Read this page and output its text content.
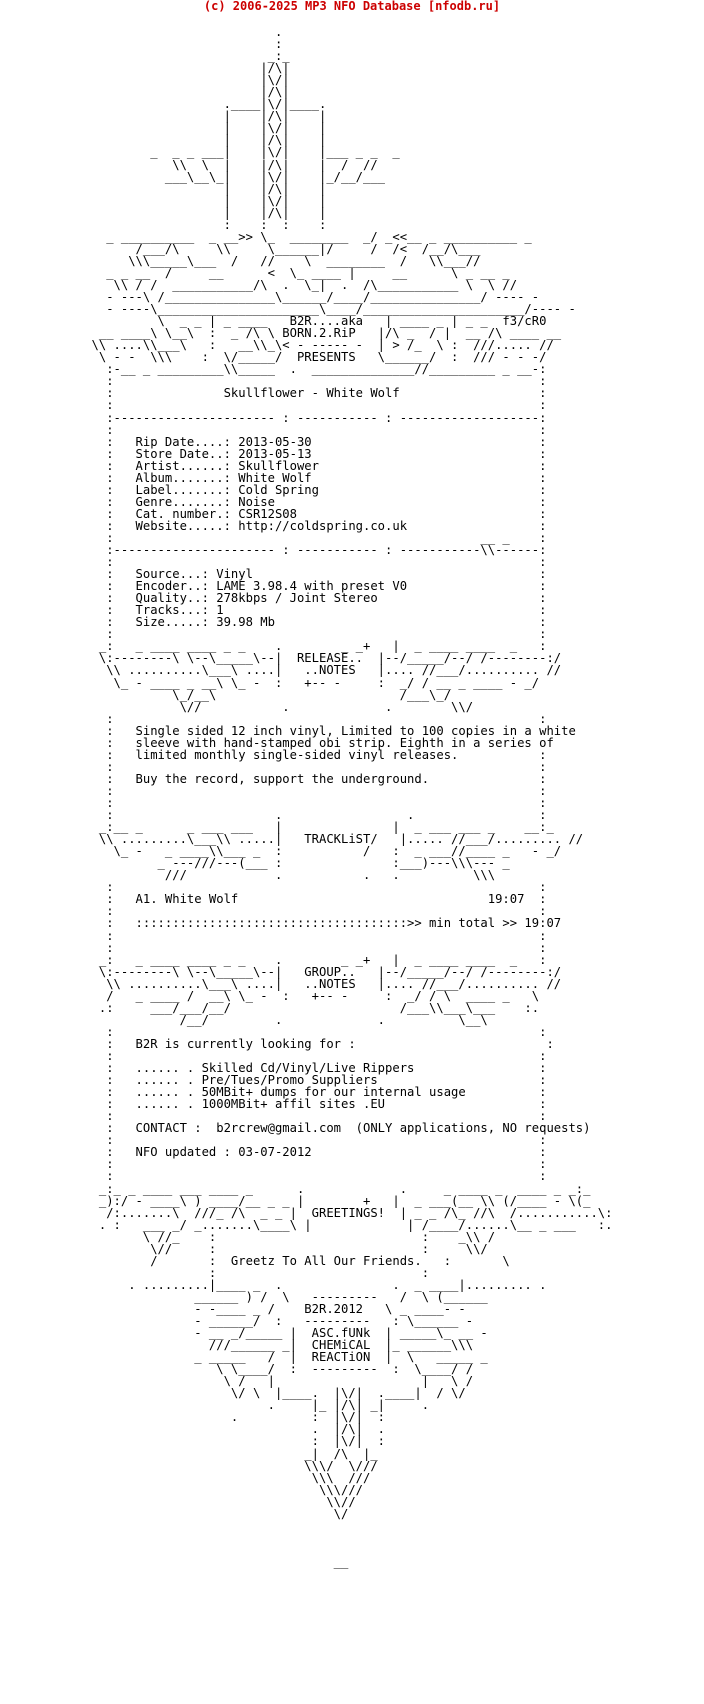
(c) 2006-2025 MP3 NFO Database [nfodb.ru]
.
:
_:_
|/\|
|\/|
|/\|
.____|\/|____.
|    |/\|    |
|    |\/|    |
|    |/\|    |
_  _ _ ___|    |\/|    |___ _ _  _
\\  \  |    |/\|    |  /  //
___\__\_|    |\/|    |_/__/___
|    |/\|    |
|    |\/|    |
|    |/\|    |
:    :  :    :
_ __________  _ __>> \_  ________  _/ _<<__ _ __________ _
/___/\     \\     \______|/     /  /<  /__/\___
\\\_____\___  /   //    \  ________  /   \\___//
_ _ __  /     __      <  \_ ____ |     __      \ _ __ _
\\ / /  ___________/\  .  \_|  .  /\___________ \  \ //
- ---\ /_______________\______/____/_______________/ ---- -
- ----\______________________\____/______________________/---- -
\  _ _ | _ ____   B2R....aka   | ____ _ | _ _  f3/cR0
__ ____\ \__\  :  _ /\ \ BORN.2.RiP   |/\ _  / |  __ /\ ____ __
\\ ....\\___\   :   __\\_\< - ----- -  | > /_  \ :  ///..... //
\ - -  \\\    :  \/_____/  PRESENTS   \______/  :  /// - - -/
:-__ _ _________\\_____  .  ______________//_________ _ __-:
:                                                          :
:               Skullflower - White Wolf                   :
:                                                          :
:---------------------- : ----------- : -------------------:
:                                                          :
:   Rip Date....: 2013-05-30                               :
:   Store Date..: 2013-05-13                               :
:   Artist......: Skullflower                              :
:   Album.......: White Wolf                               :
:   Label.......: Cold Spring                              :
:   Genre.......: Noise                                    :
:   Cat. number.: CSR12S08                                 :
:   Website.....: http://coldspring.co.uk                  :
:                                                  __ _    :
:---------------------- : ----------- : -----------\\------:
:                                                          :
:   Source...: Vinyl                                       :
:   Encoder..: LAME 3.98.4 with preset V0                  :
:   Quality..: 278kbps / Joint Stereo                      :
:   Tracks...: 1                                           :
:   Size.....: 39.98 Mb                                    :
:                                                          :
_:   _ ____ ____ _ _    .        _ _+   |  _ ____ ____  _   :
\:--------\ \--\_____\--|  RELEASE..  |--/_____/--/ /--------:/
\\ ..........\___\ ....|   ..NOTES   |.... //___/.......... //
\_ - ____ _ __\ \_ -  :   +-- -     :  _/ / __ _ ____ - _/
\_/__\                         /___\_/
\//           .             .        \\/
:                                                          :
:   Single sided 12 inch vinyl, Limited to 100 copies in a white
:   sleeve with hand-stamped obi strip. Eighth in a series of
:   limited monthly single-sided vinyl releases.           :
:                                                          :
:   Buy the record, support the underground.               :
:                                                          :
:                                                          :
:                      .                 .                 :
_:__ _      _ ___ ___   |               |  _ ___ ___ _    __:_
\\ .........\___\\ .....|   TRACKLiST/   |..... //___/......... //
\_ -   _ ____\\___ _  :           /   :  _ ___//____ _   - _/
_ ---///---(___ :               :___)---\\\--- _
///            .           .   .          \\\
:                                                          :
:   A1. White Wolf                                  19:07  :
:                                                          :
:   :::::::::::::::::::::::::::::::::::::>> min total >> 19:07
:                                                          :
:                                                          :
_:   _ ____ ____ _ _    .        _ _+   |  _ ____ ____  _   :
\:--------\ \--\_____\--|   GROUP..   |--/_____/--/ /--------:/
\\ ..........\___\ ....|   ..NOTES   |.... //___/.......... //
/   _ ____ /  __\ \_ -  :   +-- -     :  _/ / \  ____ _   \
.:     ___/___/__/                       /___\\___\___    :.
/__/         .             .          \__\
:                                                          :
:   B2R is currently looking for :                          :
:                                                          :
:   ...... . Skilled Cd/Vinyl/Live Rippers                 :
:   ...... . Pre/Tues/Promo Suppliers                      :
:   ...... . 50MBit+ dumps for our internal usage          :
:   ...... . 1000MBit+ affil sites .EU                     :
:                                                          :
:   CONTACT :  b2rcrew@gmail.com  (ONLY applications, NO requests)
:                                                          :
:   NFO updated : 03-07-2012                               :
:                                                          :
:                                                          :
_:_ _ ____ ___ ____ _      .             .     _ ____ _  ____ _ _:_
_):/ - ____\ ) ____/__ _ _ |        +   |  _ ___(__ \\ (/____ - \(_
/:.......\  ///_ /\  _ _ |  GREETINGS!  | _ _ /\_ //\  /...........\:
. :   ___ _/ _.......\____\ |             | /____/......\__ _ ___   :.
\ //_    :                            :    _\\ /
\//     :                            :     \\/
/       :  Greetz To All Our Friends.   :       \
:                            :
. .........|____ _  .               .  _ ____|......... .
______ ) /  \   ---------   /  \ (______
- -____ _ /    B2R.2012   \ _ ____- -
- ______/  :   ---------   : \______ -
- __ _/_____ |  ASC.fUNk  | _____\_ __ -
///______ _|  CHEMiCAL  |_ ______\\\
_ _____   /  |  REACTiON  |  \   _____ _
\ \____/  :  ---------  :  \____/ /
\ /   |                    |   \ /
\/ \  |____.  |\/|  .____|  / \/
.     |_ |/\| _|     .
.          :  |\/|  :
.  |/\|  .
:  |\/|  :
_|  /\  |_
\\\/  \///
\\\  ///
\\\///
\\//
\/

__
